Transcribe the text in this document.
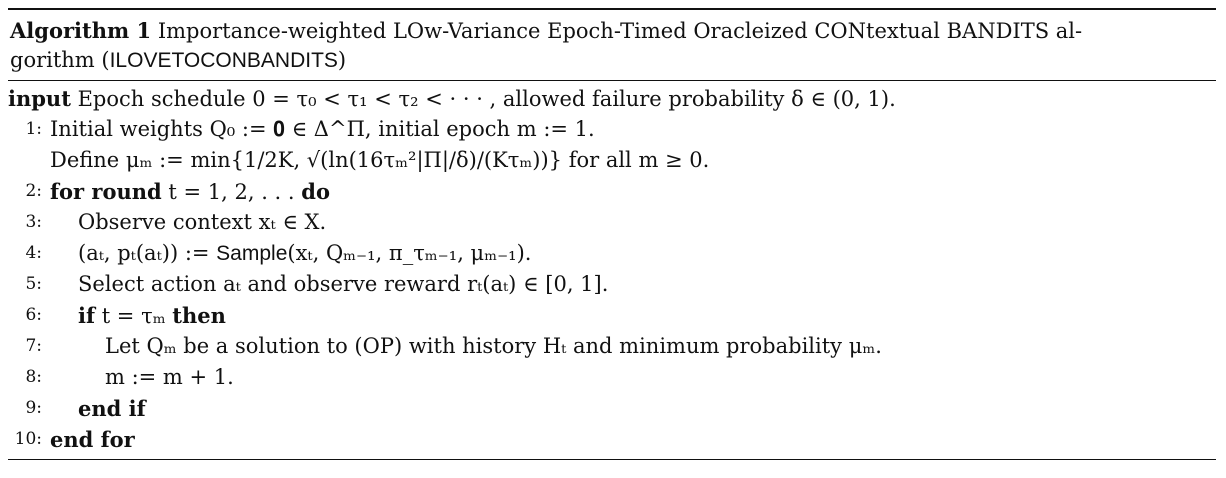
Algorithm 1 Importance-weighted LOw-Variance Epoch-Timed Oracleized CONtextual BANDITS al-
gorithm (ILOVETOCONBANDITS)
input Epoch schedule 0 = τ₀ < τ₁ < τ₂ < · · · , allowed failure probability δ ∈ (0, 1).
1: Initial weights Q₀ := 𝟎 ∈ Δ^Π, initial epoch m := 1.
Define μₘ := min{1/2K, √(ln(16τₘ²|Π|/δ)/(Kτₘ))} for all m ≥ 0.
2: for round t = 1, 2, . . . do
3: Observe context xₜ ∈ X.
4: (aₜ, pₜ(aₜ)) := Sample(xₜ, Qₘ₋₁, π_τₘ₋₁, μₘ₋₁).
5: Select action aₜ and observe reward rₜ(aₜ) ∈ [0, 1].
6: if t = τₘ then
7:	Let Qₘ be a solution to (OP) with history Hₜ and minimum probability μₘ.
8:	m := m + 1.
9: end if
10: end for
